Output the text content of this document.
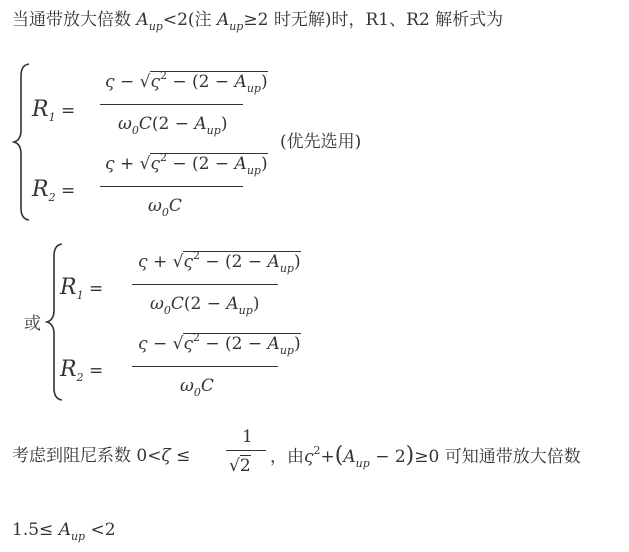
当通带放大倍数 $A_{up}<2$(注 $A_{up}\ge 2$ 时无解)时，R1、R2 解析式为
$R_1$ =
$\varsigma - √\varsigma^2 - (2 - A_{up})$
$\omega_0C(2 - A_{up})$
(优先选用)
$R_2$ =
$\varsigma + √\varsigma^2 - (2 - A_{up})$
$\omega_0C$
或
$R_1$ =
$\varsigma + √\varsigma^2 - (2 - A_{up})$
$\omega_0C(2 - A_{up})$
$R_2$ =
$\varsigma - √\varsigma^2 - (2 - A_{up})$
$\omega_0C$
考虑到阻尼系数 0<ζ ≤
1
√2 ，由$\varsigma^2+(A_{up} - 2)\ge 0$ 可知通带放大倍数
$1.5\le A_{up} <2$
